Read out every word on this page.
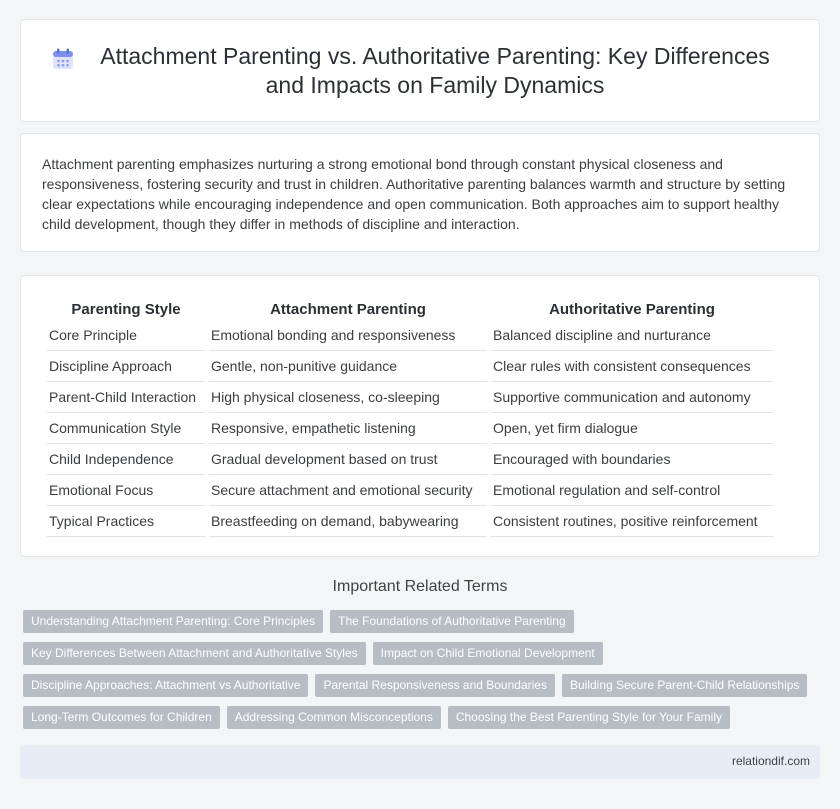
Attachment Parenting vs. Authoritative Parenting: Key Differences and Impacts on Family Dynamics

Attachment parenting emphasizes nurturing a strong emotional bond through constant physical closeness and responsiveness, fostering security and trust in children. Authoritative parenting balances warmth and structure by setting clear expectations while encouraging independence and open communication. Both approaches aim to support healthy child development, though they differ in methods of discipline and interaction.

Parenting Style	Attachment Parenting	Authoritative Parenting
Core Principle	Emotional bonding and responsiveness	Balanced discipline and nurturance
Discipline Approach	Gentle, non-punitive guidance	Clear rules with consistent consequences
Parent-Child Interaction	High physical closeness, co-sleeping	Supportive communication and autonomy
Communication Style	Responsive, empathetic listening	Open, yet firm dialogue
Child Independence	Gradual development based on trust	Encouraged with boundaries
Emotional Focus	Secure attachment and emotional security	Emotional regulation and self-control
Typical Practices	Breastfeeding on demand, babywearing	Consistent routines, positive reinforcement
Important Related Terms
Understanding Attachment Parenting: Core Principles	The Foundations of Authoritative Parenting
Key Differences Between Attachment and Authoritative Styles	Impact on Child Emotional Development
Discipline Approaches: Attachment vs Authoritative	Parental Responsiveness and Boundaries	Building Secure Parent-Child Relationships
Long-Term Outcomes for Children	Addressing Common Misconceptions	Choosing the Best Parenting Style for Your Family
relationdif.com
